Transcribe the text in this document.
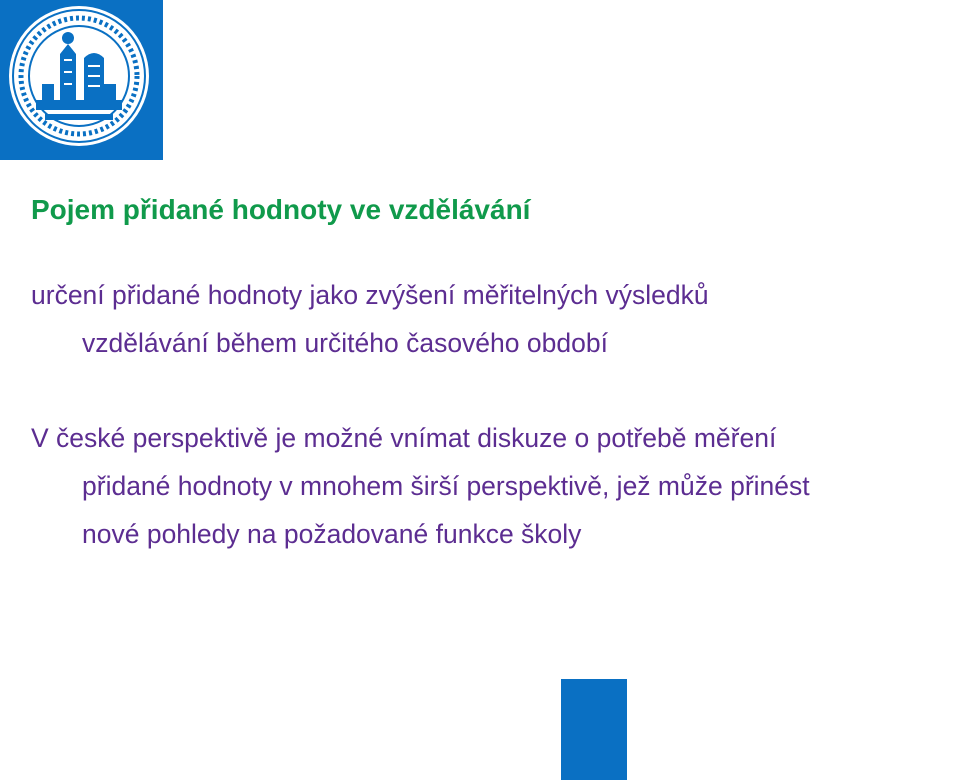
Pojem přidané hodnoty ve vzdělávání

určení přidané hodnoty jako zvýšení měřitelných výsledků
vzdělávání během určitého časového období

V české perspektivě je možné vnímat diskuze o potřebě měření
přidané hodnoty v mnohem širší perspektivě, jež může přinést
nové pohledy na požadované funkce školy
